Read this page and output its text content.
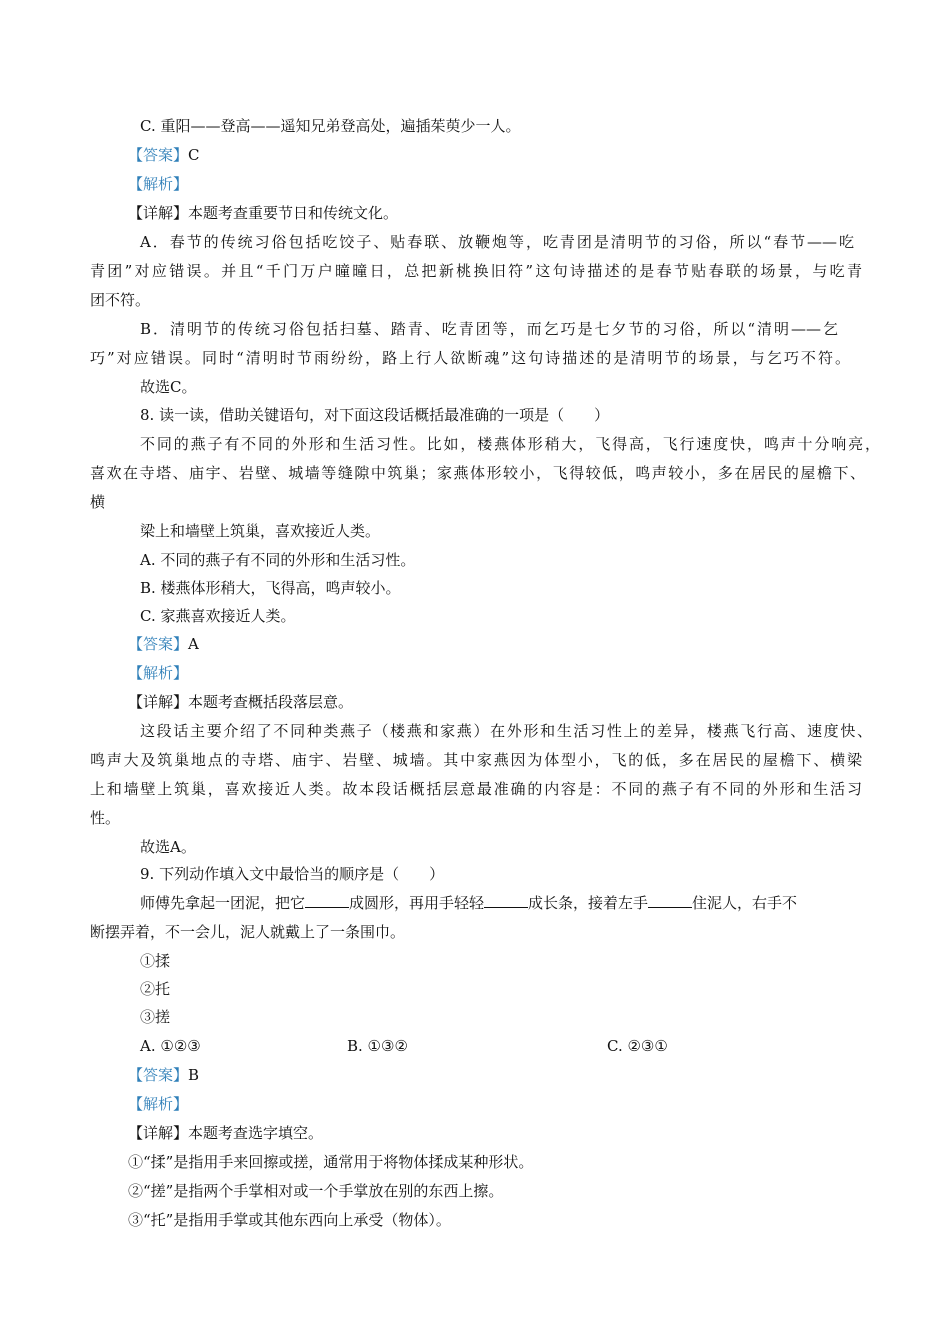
C. 重阳——登高——遥知兄弟登高处，遍插茱萸少一人。
【答案】C
【解析】
【详解】本题考查重要节日和传统文化。
A．春节的传统习俗包括吃饺子、贴春联、放鞭炮等，吃青团是清明节的习俗，所以“春节——吃
青团”对应错误。并且“千门万户曈曈日，总把新桃换旧符”这句诗描述的是春节贴春联的场景，与吃青
团不符。
B．清明节的传统习俗包括扫墓、踏青、吃青团等，而乞巧是七夕节的习俗，所以“清明——乞
巧”对应错误。同时“清明时节雨纷纷，路上行人欲断魂”这句诗描述的是清明节的场景，与乞巧不符。
故选C。
8. 读一读，借助关键语句，对下面这段话概括最准确的一项是（　　）
不同的燕子有不同的外形和生活习性。比如，楼燕体形稍大，飞得高，飞行速度快，鸣声十分响亮，
喜欢在寺塔、庙宇、岩壁、城墙等缝隙中筑巢；家燕体形较小，飞得较低，鸣声较小，多在居民的屋檐下、
横
梁上和墙壁上筑巢，喜欢接近人类。
A. 不同的燕子有不同的外形和生活习性。
B. 楼燕体形稍大，飞得高，鸣声较小。
C. 家燕喜欢接近人类。
【答案】A
【解析】
【详解】本题考查概括段落层意。
这段话主要介绍了不同种类燕子（楼燕和家燕）在外形和生活习性上的差异，楼燕飞行高、速度快、
鸣声大及筑巢地点的寺塔、庙宇、岩壁、城墙。其中家燕因为体型小，飞的低，多在居民的屋檐下、横梁
上和墙壁上筑巢，喜欢接近人类。故本段话概括层意最准确的内容是：不同的燕子有不同的外形和生活习
性。
故选A。
9. 下列动作填入文中最恰当的顺序是（　　）
师傅先拿起一团泥，把它	成圆形，再用手轻轻	成长条，接着左手	住泥人，右手不
断摆弄着，不一会儿，泥人就戴上了一条围巾。
①揉
②托
③搓
A. ①②③	B. ①③②	C. ②③①
【答案】B
【解析】
【详解】本题考查选字填空。
①“揉”是指用手来回擦或搓，通常用于将物体揉成某种形状。
②“搓”是指两个手掌相对或一个手掌放在别的东西上擦。
③“托”是指用手掌或其他东西向上承受（物体）。
